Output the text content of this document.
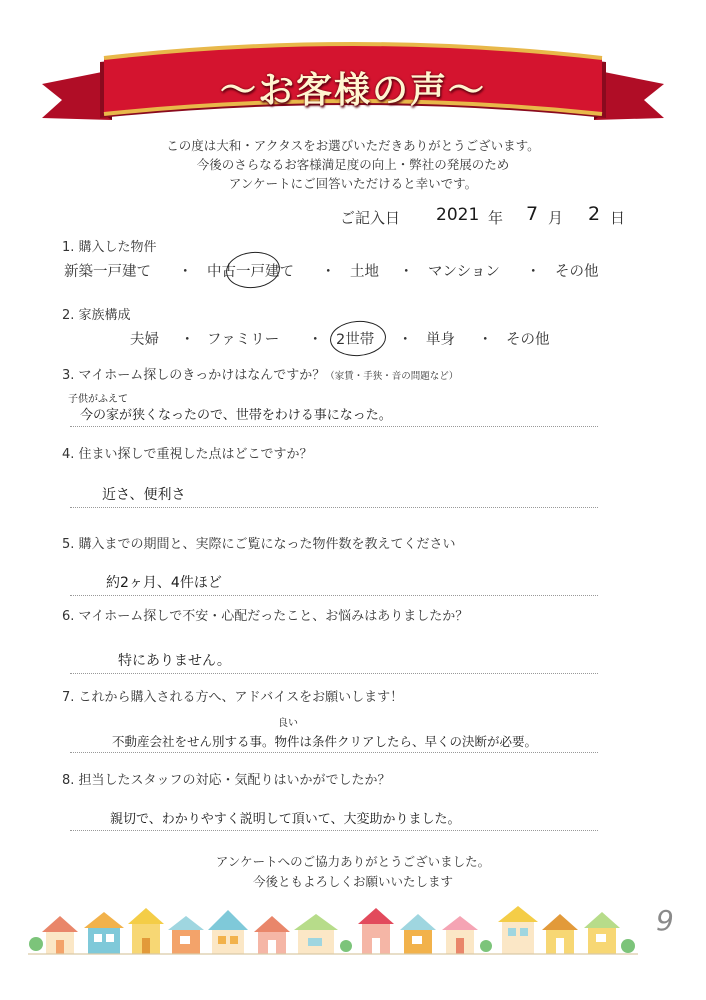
〜お客様の声〜
この度は大和・アクタスをお選びいただきありがとうございます。
今後のさらなるお客様満足度の向上・弊社の発展のため
アンケートにご回答いただけると幸いです。
ご記入日 2021 年 7 月 2 日
1. 購入した物件
新築一戸建て ・ 中古一戸建て ・ 土地 ・ マンション ・ その他
2. 家族構成
夫婦 ・ ファミリー ・ 2世帯 ・ 単身 ・ その他
3. マイホーム探しのきっかけはなんですか？（家賃・手狭・音の問題など）
子供がふえて
今の家が狭くなったので、世帯をわける事になった。
4. 住まい探しで重視した点はどこですか？
近さ、便利さ
5. 購入までの期間と、実際にご覧になった物件数を教えてください
約2ヶ月、4件ほど
6. マイホーム探しで不安・心配だったこと、お悩みはありましたか？
特にありません。
7. これから購入される方へ、アドバイスをお願いします！
良い
不動産会社をせん別する事。物件は条件クリアしたら、早くの決断が必要。
8. 担当したスタッフの対応・気配りはいかがでしたか？
親切で、わかりやすく説明して頂いて、大変助かりました。
アンケートへのご協力ありがとうございました。
今後ともよろしくお願いいたします
9
